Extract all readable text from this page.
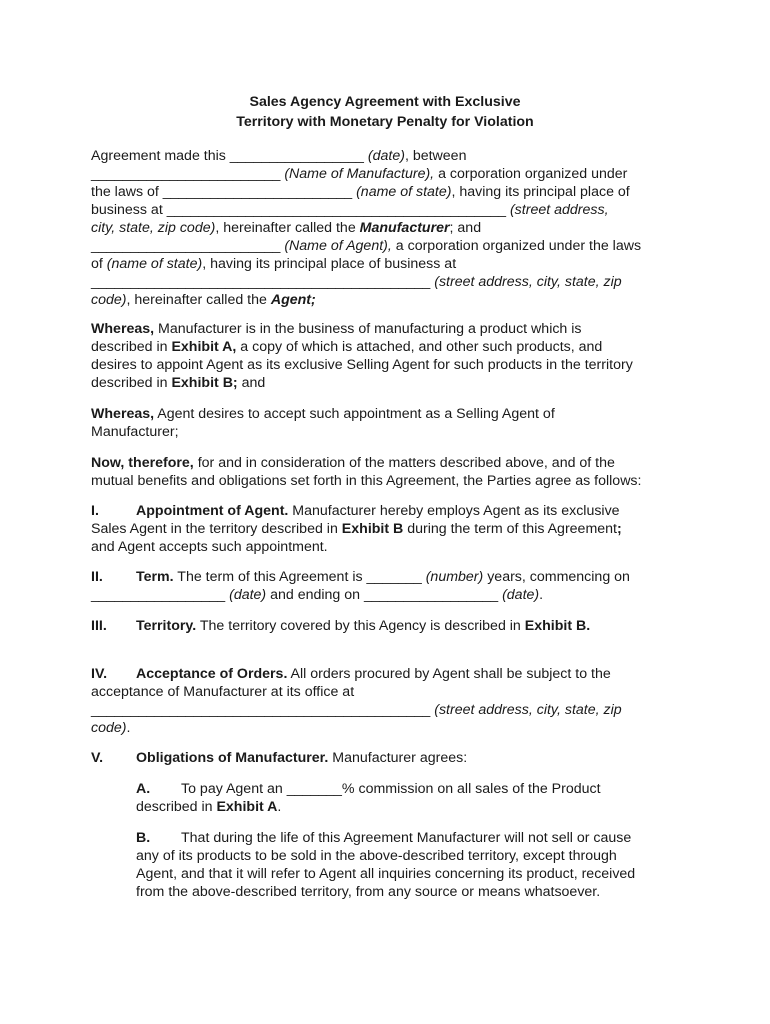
Sales Agency Agreement with Exclusive
Territory with Monetary Penalty for Violation
Agreement made this _________________ (date), between
________________________ (Name of Manufacture), a corporation organized under
the laws of ________________________ (name of state), having its principal place of
business at ___________________________________________ (street address,
city, state, zip code), hereinafter called the Manufacturer; and
________________________ (Name of Agent), a corporation organized under the laws
of (name of state), having its principal place of business at
___________________________________________ (street address, city, state, zip
code), hereinafter called the Agent;
Whereas, Manufacturer is in the business of manufacturing a product which is
described in Exhibit A, a copy of which is attached, and other such products, and
desires to appoint Agent as its exclusive Selling Agent for such products in the territory
described in Exhibit B; and
Whereas, Agent desires to accept such appointment as a Selling Agent of
Manufacturer;
Now, therefore, for and in consideration of the matters described above, and of the
mutual benefits and obligations set forth in this Agreement, the Parties agree as follows:
I.	Appointment of Agent. Manufacturer hereby employs Agent as its exclusive
Sales Agent in the territory described in Exhibit B during the term of this Agreement;
and Agent accepts such appointment.
II. Term. The term of this Agreement is _______ (number) years, commencing on
_________________ (date) and ending on _________________ (date).
III. Territory. The territory covered by this Agency is described in Exhibit B.
IV. Acceptance of Orders. All orders procured by Agent shall be subject to the
acceptance of Manufacturer at its office at
___________________________________________ (street address, city, state, zip
code).
V. Obligations of Manufacturer. Manufacturer agrees:
A. To pay Agent an _______% commission on all sales of the Product
described in Exhibit A.
B. That during the life of this Agreement Manufacturer will not sell or cause
any of its products to be sold in the above-described territory, except through
Agent, and that it will refer to Agent all inquiries concerning its product, received
from the above-described territory, from any source or means whatsoever.
